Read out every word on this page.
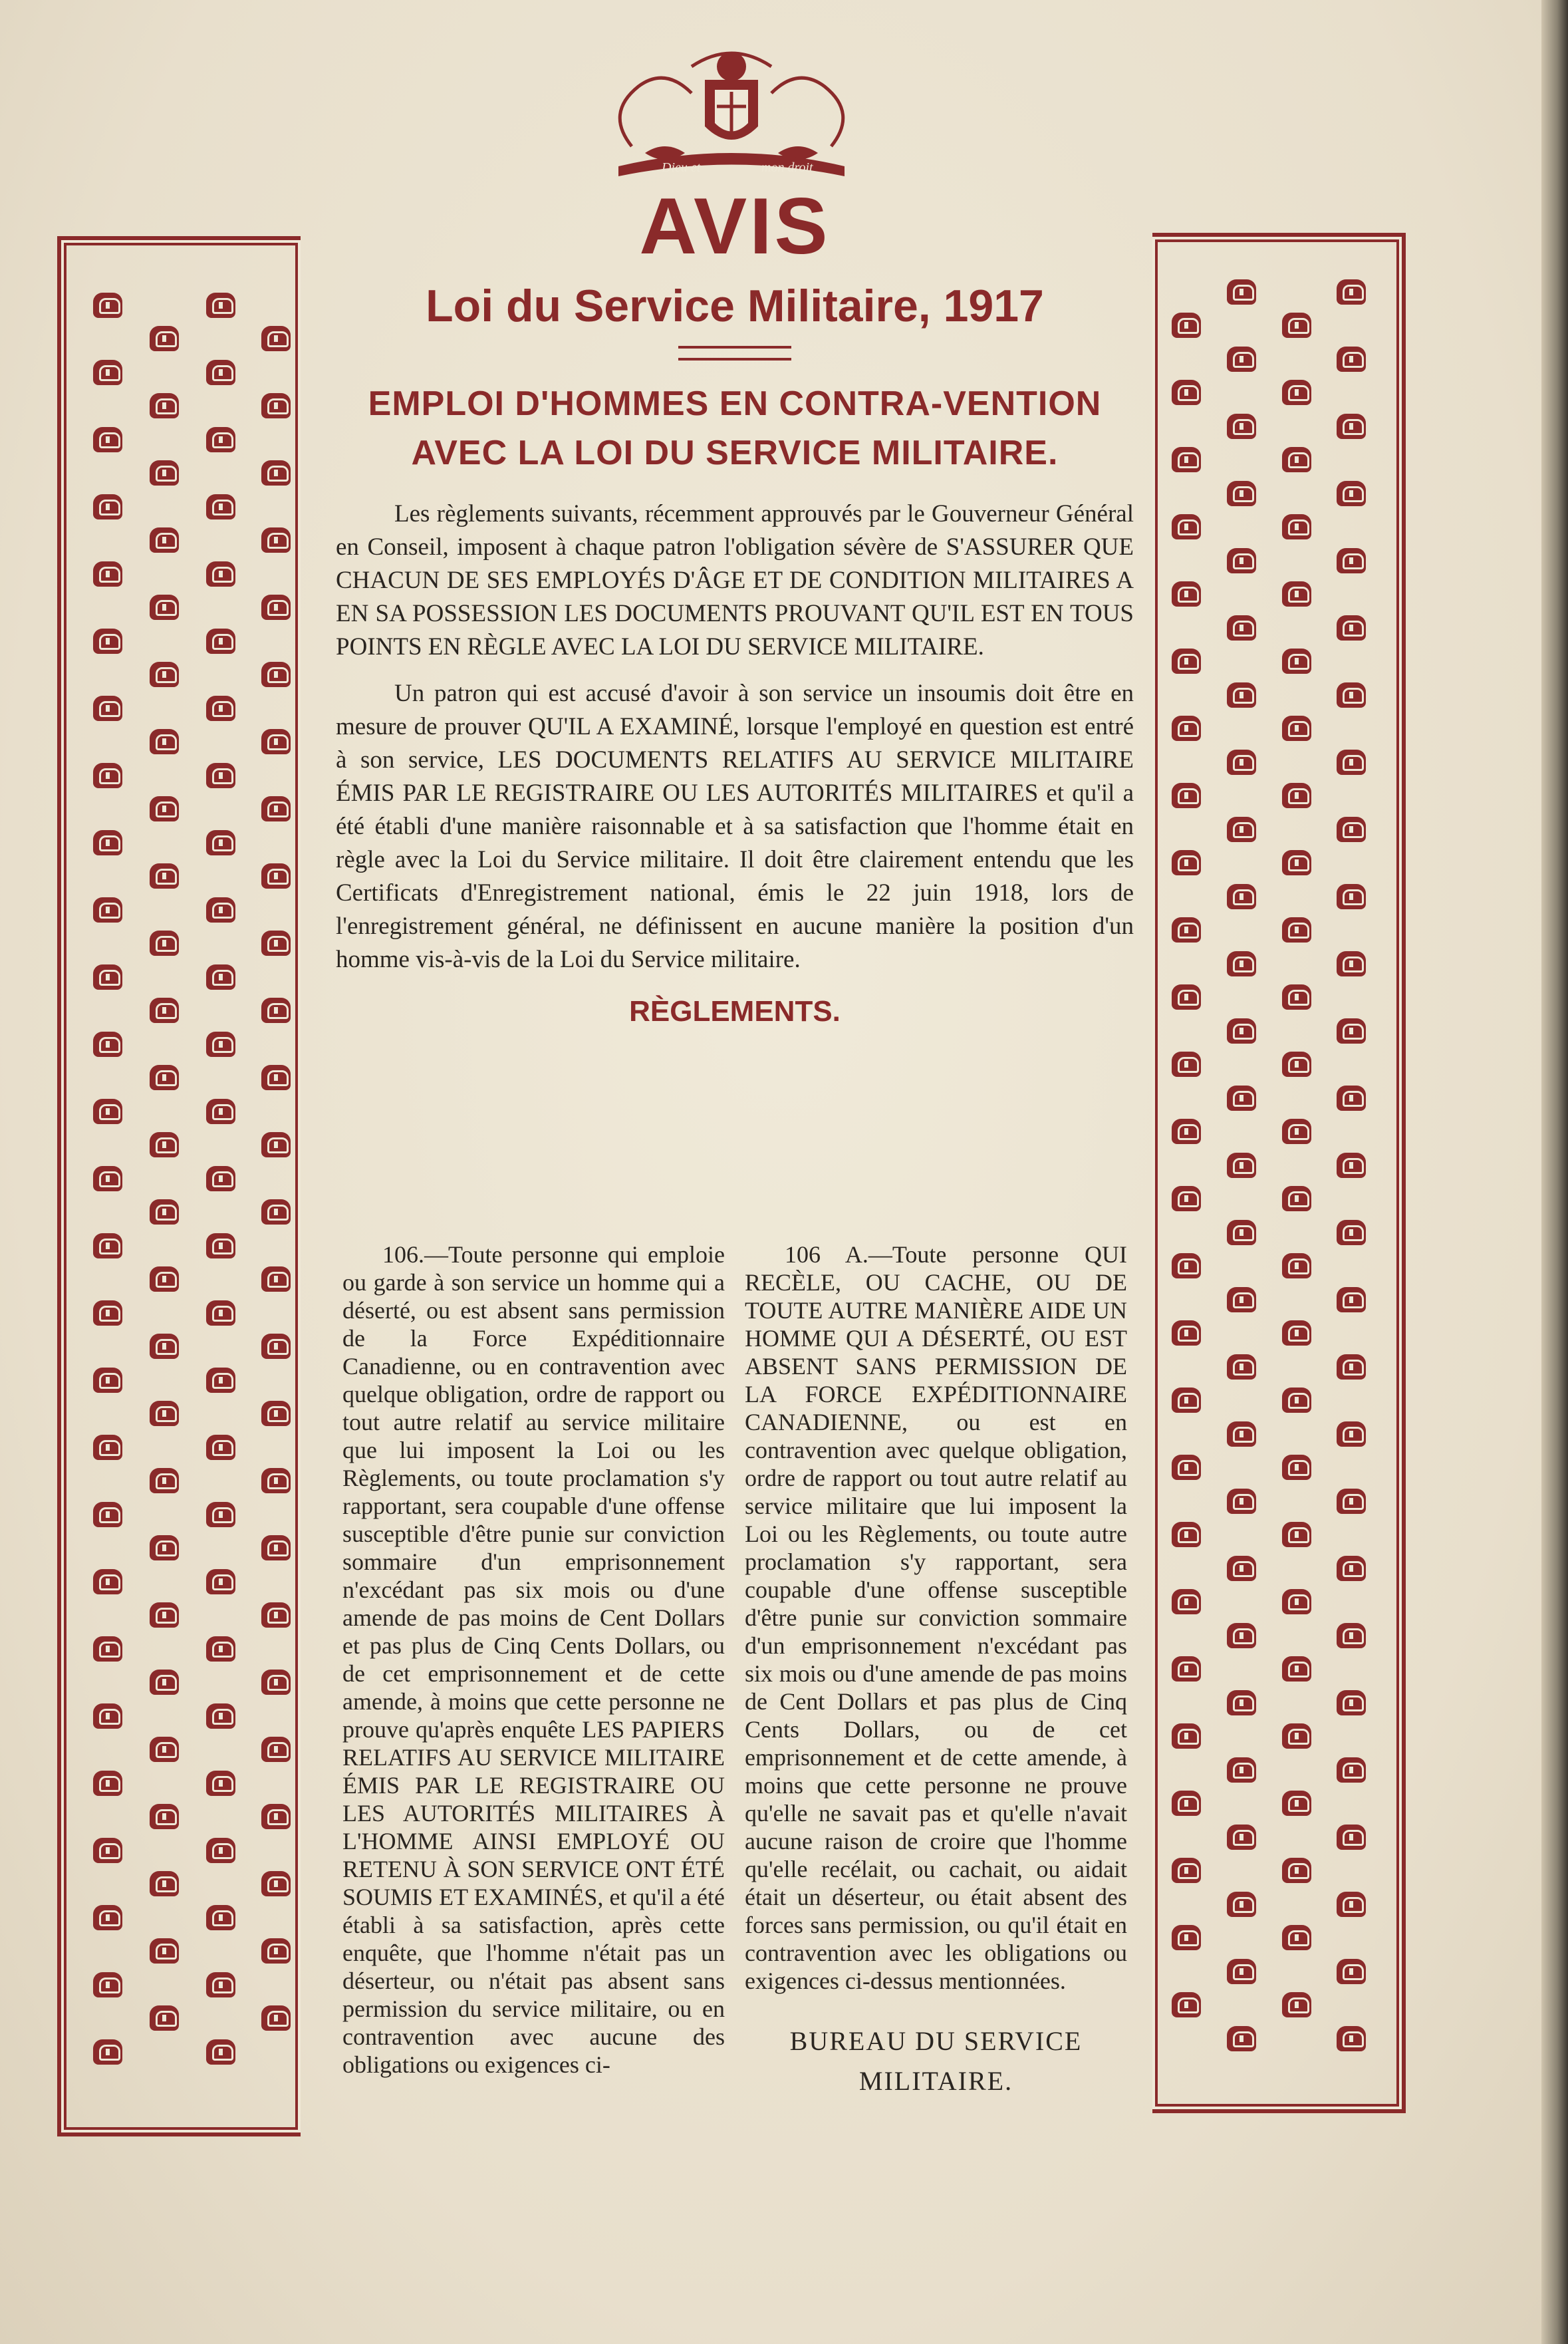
Dieu et	mon droit
AVIS
Loi du Service Militaire, 1917
EMPLOI D'HOMMES EN CONTRA-VENTION AVEC LA LOI DU SERVICE MILITAIRE.

Les règlements suivants, récemment approuvés par le Gouverneur Général en Conseil, imposent à chaque patron l'obligation sévère de S'ASSURER QUE CHACUN DE SES EMPLOYÉS D'ÂGE ET DE CONDITION MILITAIRES A EN SA POSSESSION LES DOCUMENTS PROUVANT QU'IL EST EN TOUS POINTS EN RÈGLE AVEC LA LOI DU SERVICE MILITAIRE.

Un patron qui est accusé d'avoir à son service un insoumis doit être en mesure de prouver QU'IL A EXAMINÉ, lorsque l'employé en question est entré à son service, LES DOCUMENTS RELATIFS AU SERVICE MILITAIRE ÉMIS PAR LE REGISTRAIRE OU LES AUTORITÉS MILITAIRES et qu'il a été établi d'une manière raisonnable et à sa satisfaction que l'homme était en règle avec la Loi du Service militaire. Il doit être clairement entendu que les Certificats d'Enregistrement national, émis le 22 juin 1918, lors de l'enregistrement général, ne définissent en aucune manière la position d'un homme vis-à-vis de la Loi du Service militaire.

RÈGLEMENTS.

106.—Toute personne qui emploie ou garde à son service un homme qui a déserté, ou est absent sans permission de la Force Expéditionnaire Canadienne, ou en contravention avec quelque obligation, ordre de rapport ou tout autre relatif au service militaire que lui imposent la Loi ou les Règlements, ou toute proclamation s'y rapportant, sera coupable d'une offense susceptible d'être punie sur conviction sommaire d'un emprisonnement n'excédant pas six mois ou d'une amende de pas moins de Cent Dollars et pas plus de Cinq Cents Dollars, ou de cet emprisonnement et de cette amende, à moins que cette personne ne prouve qu'après enquête LES PAPIERS RELATIFS AU SERVICE MILITAIRE ÉMIS PAR LE REGISTRAIRE OU LES AUTORITÉS MILITAIRES À L'HOMME AINSI EMPLOYÉ OU RETENU À SON SERVICE ONT ÉTÉ SOUMIS ET EXAMINÉS, et qu'il a été établi à sa satisfaction, après cette enquête, que l'homme n'était pas un déserteur, ou n'était pas absent sans permission du service militaire, ou en contravention avec aucune des obligations ou exigences ci-

106 A.—Toute personne QUI RECÈLE, OU CACHE, OU DE TOUTE AUTRE MANIÈRE AIDE UN HOMME QUI A DÉSERTÉ, OU EST ABSENT SANS PERMISSION DE LA FORCE EXPÉDITIONNAIRE CANADIENNE, ou est en contravention avec quelque obligation, ordre de rapport ou tout autre relatif au service militaire que lui imposent la Loi ou les Règlements, ou toute autre proclamation s'y rapportant, sera coupable d'une offense susceptible d'être punie sur conviction sommaire d'un emprisonnement n'excédant pas six mois ou d'une amende de pas moins de Cent Dollars et pas plus de Cinq Cents Dollars, ou de cet emprisonnement et de cette amende, à moins que cette personne ne prouve qu'elle ne savait pas et qu'elle n'avait aucune raison de croire que l'homme qu'elle recélait, ou cachait, ou aidait était un déserteur, ou était absent des forces sans permission, ou qu'il était en contravention avec les obligations ou exigences ci-dessus mentionnées.

BUREAU DU SERVICE MILITAIRE.
